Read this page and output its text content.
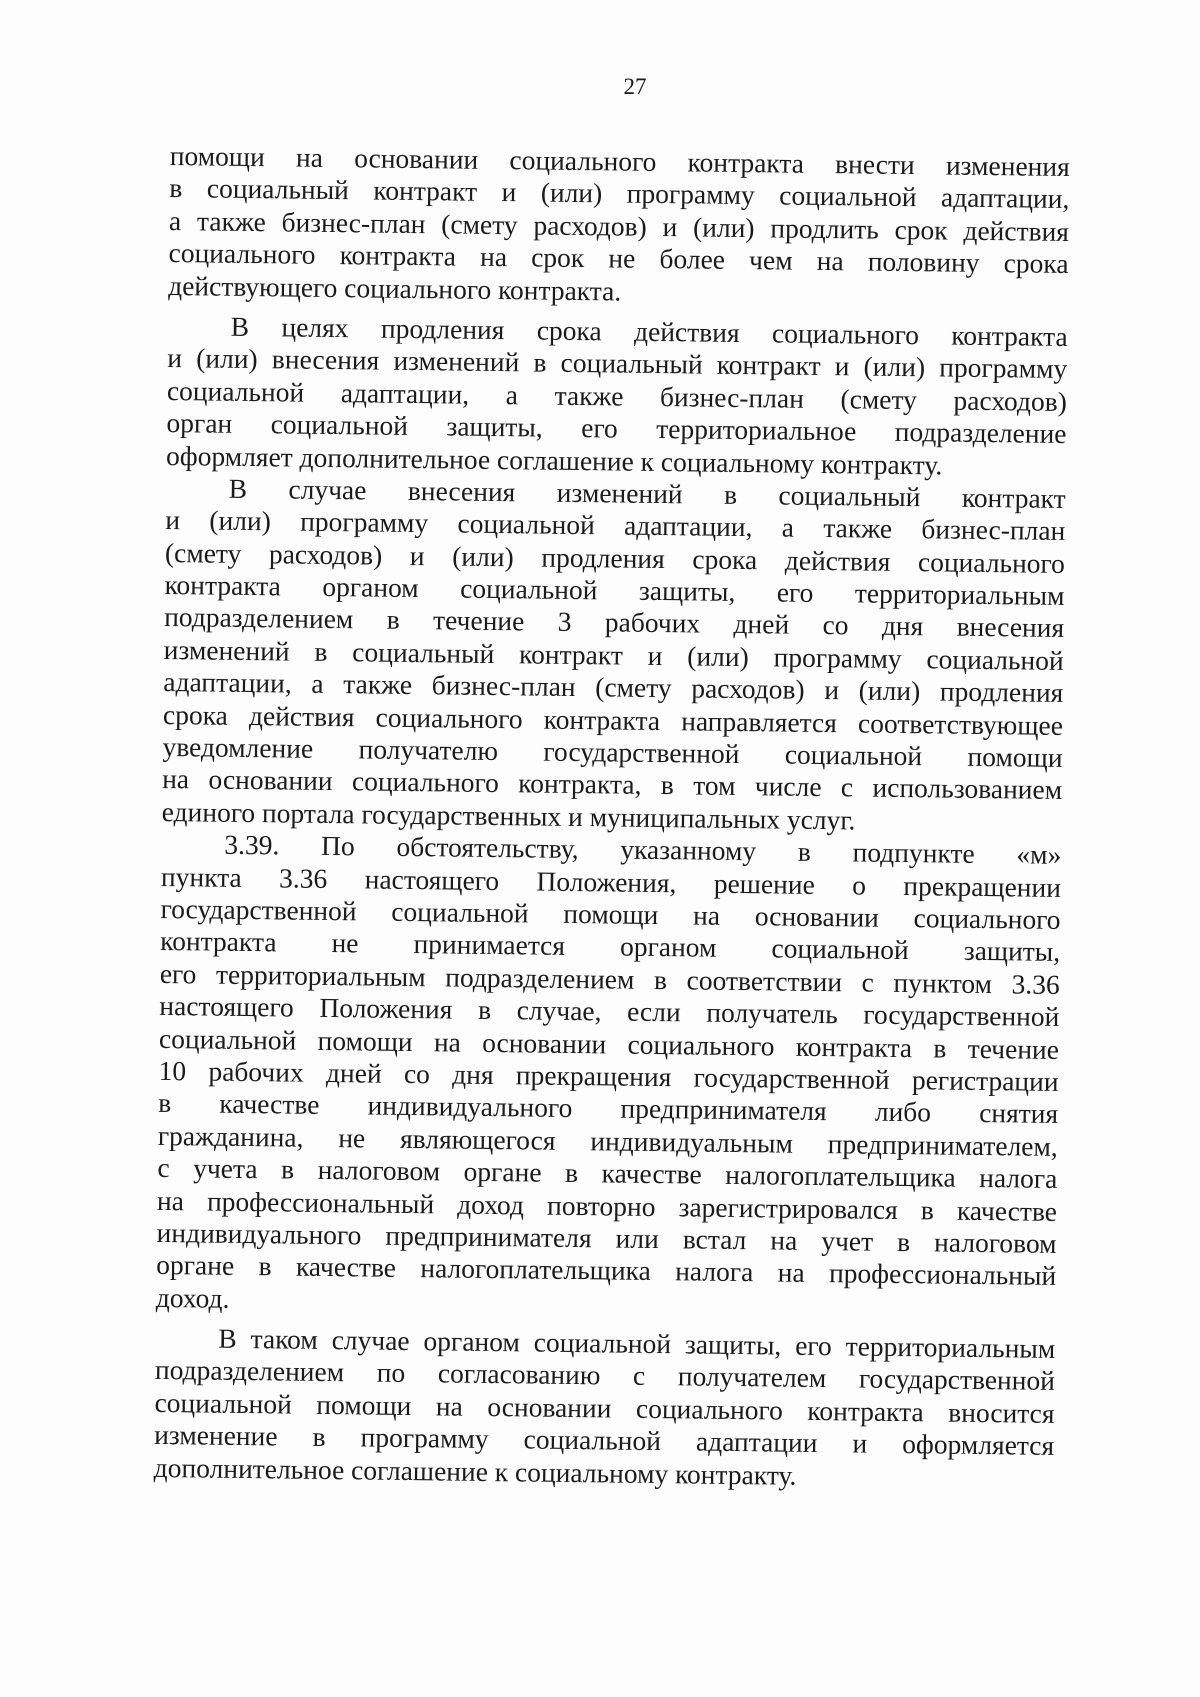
27
помощи на основании социального контракта внести изменения
в социальный контракт и (или) программу социальной адаптации,
а также бизнес-план (смету расходов) и (или) продлить срок действия
социального контракта на срок не более чем на половину срока
действующего социального контракта.
В целях продления срока действия социального контракта
и (или) внесения изменений в социальный контракт и (или) программу
социальной адаптации, а также бизнес-план (смету расходов)
орган социальной защиты, его территориальное подразделение
оформляет дополнительное соглашение к социальному контракту.
В случае внесения изменений в социальный контракт
и (или) программу социальной адаптации, а также бизнес-план
(смету расходов) и (или) продления срока действия социального
контракта органом социальной защиты, его территориальным
подразделением в течение 3 рабочих дней со дня внесения
изменений в социальный контракт и (или) программу социальной
адаптации, а также бизнес-план (смету расходов) и (или) продления
срока действия социального контракта направляется соответствующее
уведомление получателю государственной социальной помощи
на основании социального контракта, в том числе с использованием
единого портала государственных и муниципальных услуг.
3.39. По обстоятельству, указанному в подпункте «м»
пункта 3.36 настоящего Положения, решение о прекращении
государственной социальной помощи на основании социального
контракта не принимается органом социальной защиты,
его территориальным подразделением в соответствии с пунктом 3.36
настоящего Положения в случае, если получатель государственной
социальной помощи на основании социального контракта в течение
10 рабочих дней со дня прекращения государственной регистрации
в качестве индивидуального предпринимателя либо снятия
гражданина, не являющегося индивидуальным предпринимателем,
с учета в налоговом органе в качестве налогоплательщика налога
на профессиональный доход повторно зарегистрировался в качестве
индивидуального предпринимателя или встал на учет в налоговом
органе в качестве налогоплательщика налога на профессиональный
доход.
В таком случае органом социальной защиты, его территориальным
подразделением по согласованию с получателем государственной
социальной помощи на основании социального контракта вносится
изменение в программу социальной адаптации и оформляется
дополнительное соглашение к социальному контракту.
